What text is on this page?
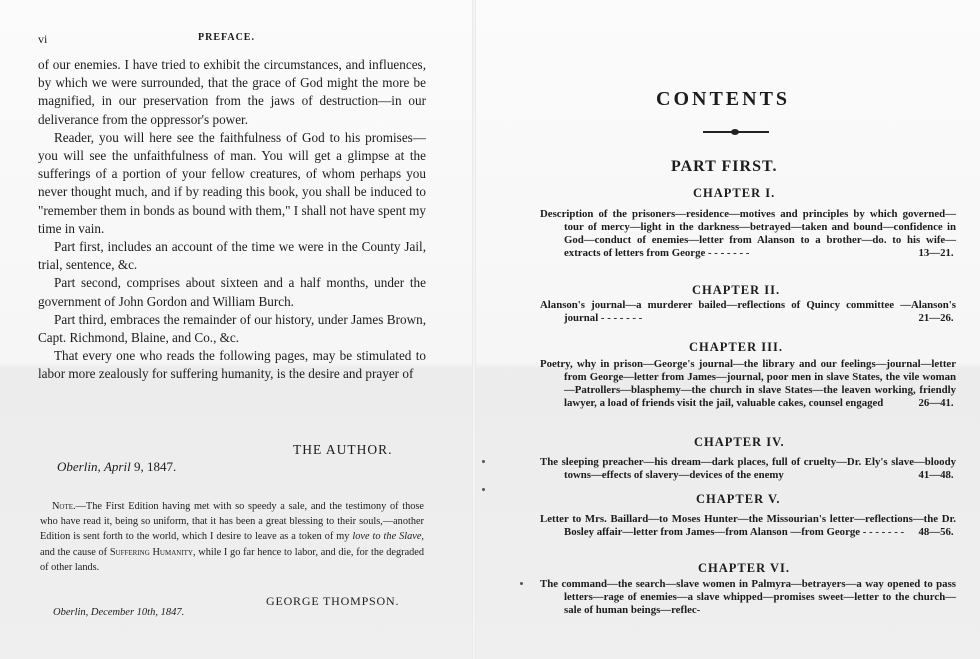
vi	PREFACE.

of our enemies. I have tried to exhibit the circumstances, and influences, by which we were surrounded, that the grace of God might the more be magnified, in our preservation from the jaws of destruction—in our deliverance from the oppressor's power.

Reader, you will here see the faithfulness of God to his promises—you will see the unfaithfulness of man. You will get a glimpse at the sufferings of a portion of your fellow creatures, of whom perhaps you never thought much, and if by reading this book, you shall be induced to "remember them in bonds as bound with them," I shall not have spent my time in vain.

Part first, includes an account of the time we were in the County Jail, trial, sentence, &c.

Part second, comprises about sixteen and a half months, under the government of John Gordon and William Burch.

Part third, embraces the remainder of our history, under James Brown, Capt. Richmond, Blaine, and Co., &c.

That every one who reads the following pages, may be stimulated to labor more zealously for suffering humanity, is the desire and prayer of

THE AUTHOR.
Oberlin, April 9, 1847.
Note.—The First Edition having met with so speedy a sale, and the testimony of those who have read it, being so uniform, that it has been a great blessing to their souls,—another Edition is sent forth to the world, which I desire to leave as a token of my love to the Slave, and the cause of Suffering Humanity, while I go far hence to labor, and die, for the degraded of other lands.
GEORGE THOMPSON.
Oberlin, December 10th, 1847.
CONTENTS
PART FIRST.
CHAPTER I.
Description of the prisoners—residence—motives and principles by which governed—tour of mercy—light in the darkness—betrayed—taken and bound—confidence in God—conduct of enemies—letter from Alanson to a brother—do. to his wife—extracts of letters from George - - - - - - -	13—21.
CHAPTER II.
Alanson's journal—a murderer bailed—reflections of Quincy committee —Alanson's journal - - - - - - -	21—26.
CHAPTER III.
Poetry, why in prison—George's journal—the library and our feelings—journal—letter from George—letter from James—journal, poor men in slave States, the vile woman—Patrollers—blasphemy—the church in slave States—the leaven working, friendly lawyer, a load of friends visit the jail, valuable cakes, counsel engaged	26—41.
CHAPTER IV.
The sleeping preacher—his dream—dark places, full of cruelty—Dr. Ely's slave—bloody towns—effects of slavery—devices of the enemy	41—48.
CHAPTER V.
Letter to Mrs. Baillard—to Moses Hunter—the Missourian's letter—reflections—the Dr. Bosley affair—letter from James—from Alanson —from George - - - - - - - 48—56.
CHAPTER VI.
The command—the search—slave women in Palmyra—betrayers—a way opened to pass letters—rage of enemies—a slave whipped—promises sweet—letter to the church—sale of human beings—reflec-
